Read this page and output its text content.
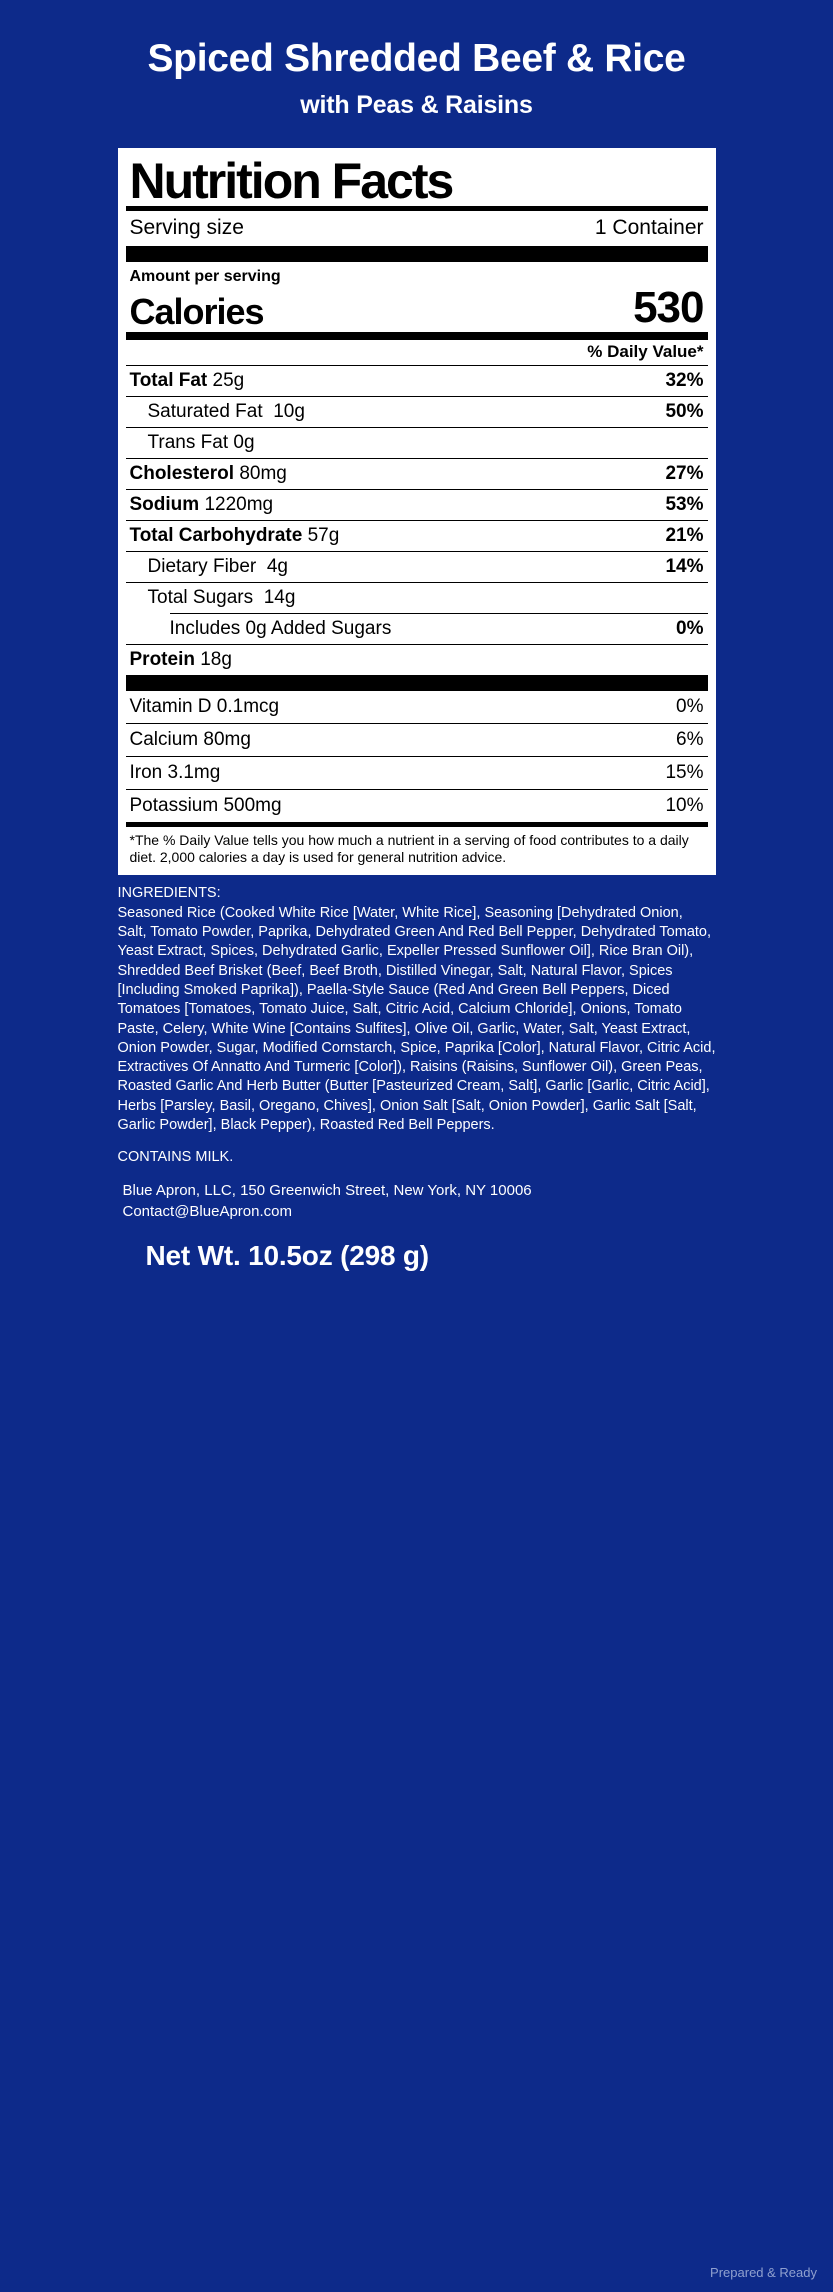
Spiced Shredded Beef & Rice
with Peas & Raisins
Nutrition Facts
Serving size	1 Container
Amount per serving
Calories	530
% Daily Value*
Total Fat 25g	32%
Saturated Fat 10g	50%
Trans Fat 0g
Cholesterol 80mg	27%
Sodium 1220mg	53%
Total Carbohydrate 57g	21%
Dietary Fiber 4g	14%
Total Sugars 14g
Includes 0g Added Sugars	0%
Protein 18g
Vitamin D 0.1mcg	0%
Calcium 80mg	6%
Iron 3.1mg	15%
Potassium 500mg	10%
*The % Daily Value tells you how much a nutrient in a serving of food contributes to a daily diet. 2,000 calories a day is used for general nutrition advice.
INGREDIENTS:
Seasoned Rice (Cooked White Rice [Water, White Rice], Seasoning [Dehydrated Onion, Salt, Tomato Powder, Paprika, Dehydrated Green And Red Bell Pepper, Dehydrated Tomato, Yeast Extract, Spices, Dehydrated Garlic, Expeller Pressed Sunflower Oil], Rice Bran Oil), Shredded Beef Brisket (Beef, Beef Broth, Distilled Vinegar, Salt, Natural Flavor, Spices [Including Smoked Paprika]), Paella-Style Sauce (Red And Green Bell Peppers, Diced Tomatoes [Tomatoes, Tomato Juice, Salt, Citric Acid, Calcium Chloride], Onions, Tomato Paste, Celery, White Wine [Contains Sulfites], Olive Oil, Garlic, Water, Salt, Yeast Extract, Onion Powder, Sugar, Modified Cornstarch, Spice, Paprika [Color], Natural Flavor, Citric Acid, Extractives Of Annatto And Turmeric [Color]), Raisins (Raisins, Sunflower Oil), Green Peas, Roasted Garlic And Herb Butter (Butter [Pasteurized Cream, Salt], Garlic [Garlic, Citric Acid], Herbs [Parsley, Basil, Oregano, Chives], Onion Salt [Salt, Onion Powder], Garlic Salt [Salt, Garlic Powder], Black Pepper), Roasted Red Bell Peppers.
CONTAINS MILK.
Blue Apron, LLC, 150 Greenwich Street, New York, NY 10006
Contact@BlueApron.com
Net Wt. 10.5oz (298 g)
Prepared & Ready
